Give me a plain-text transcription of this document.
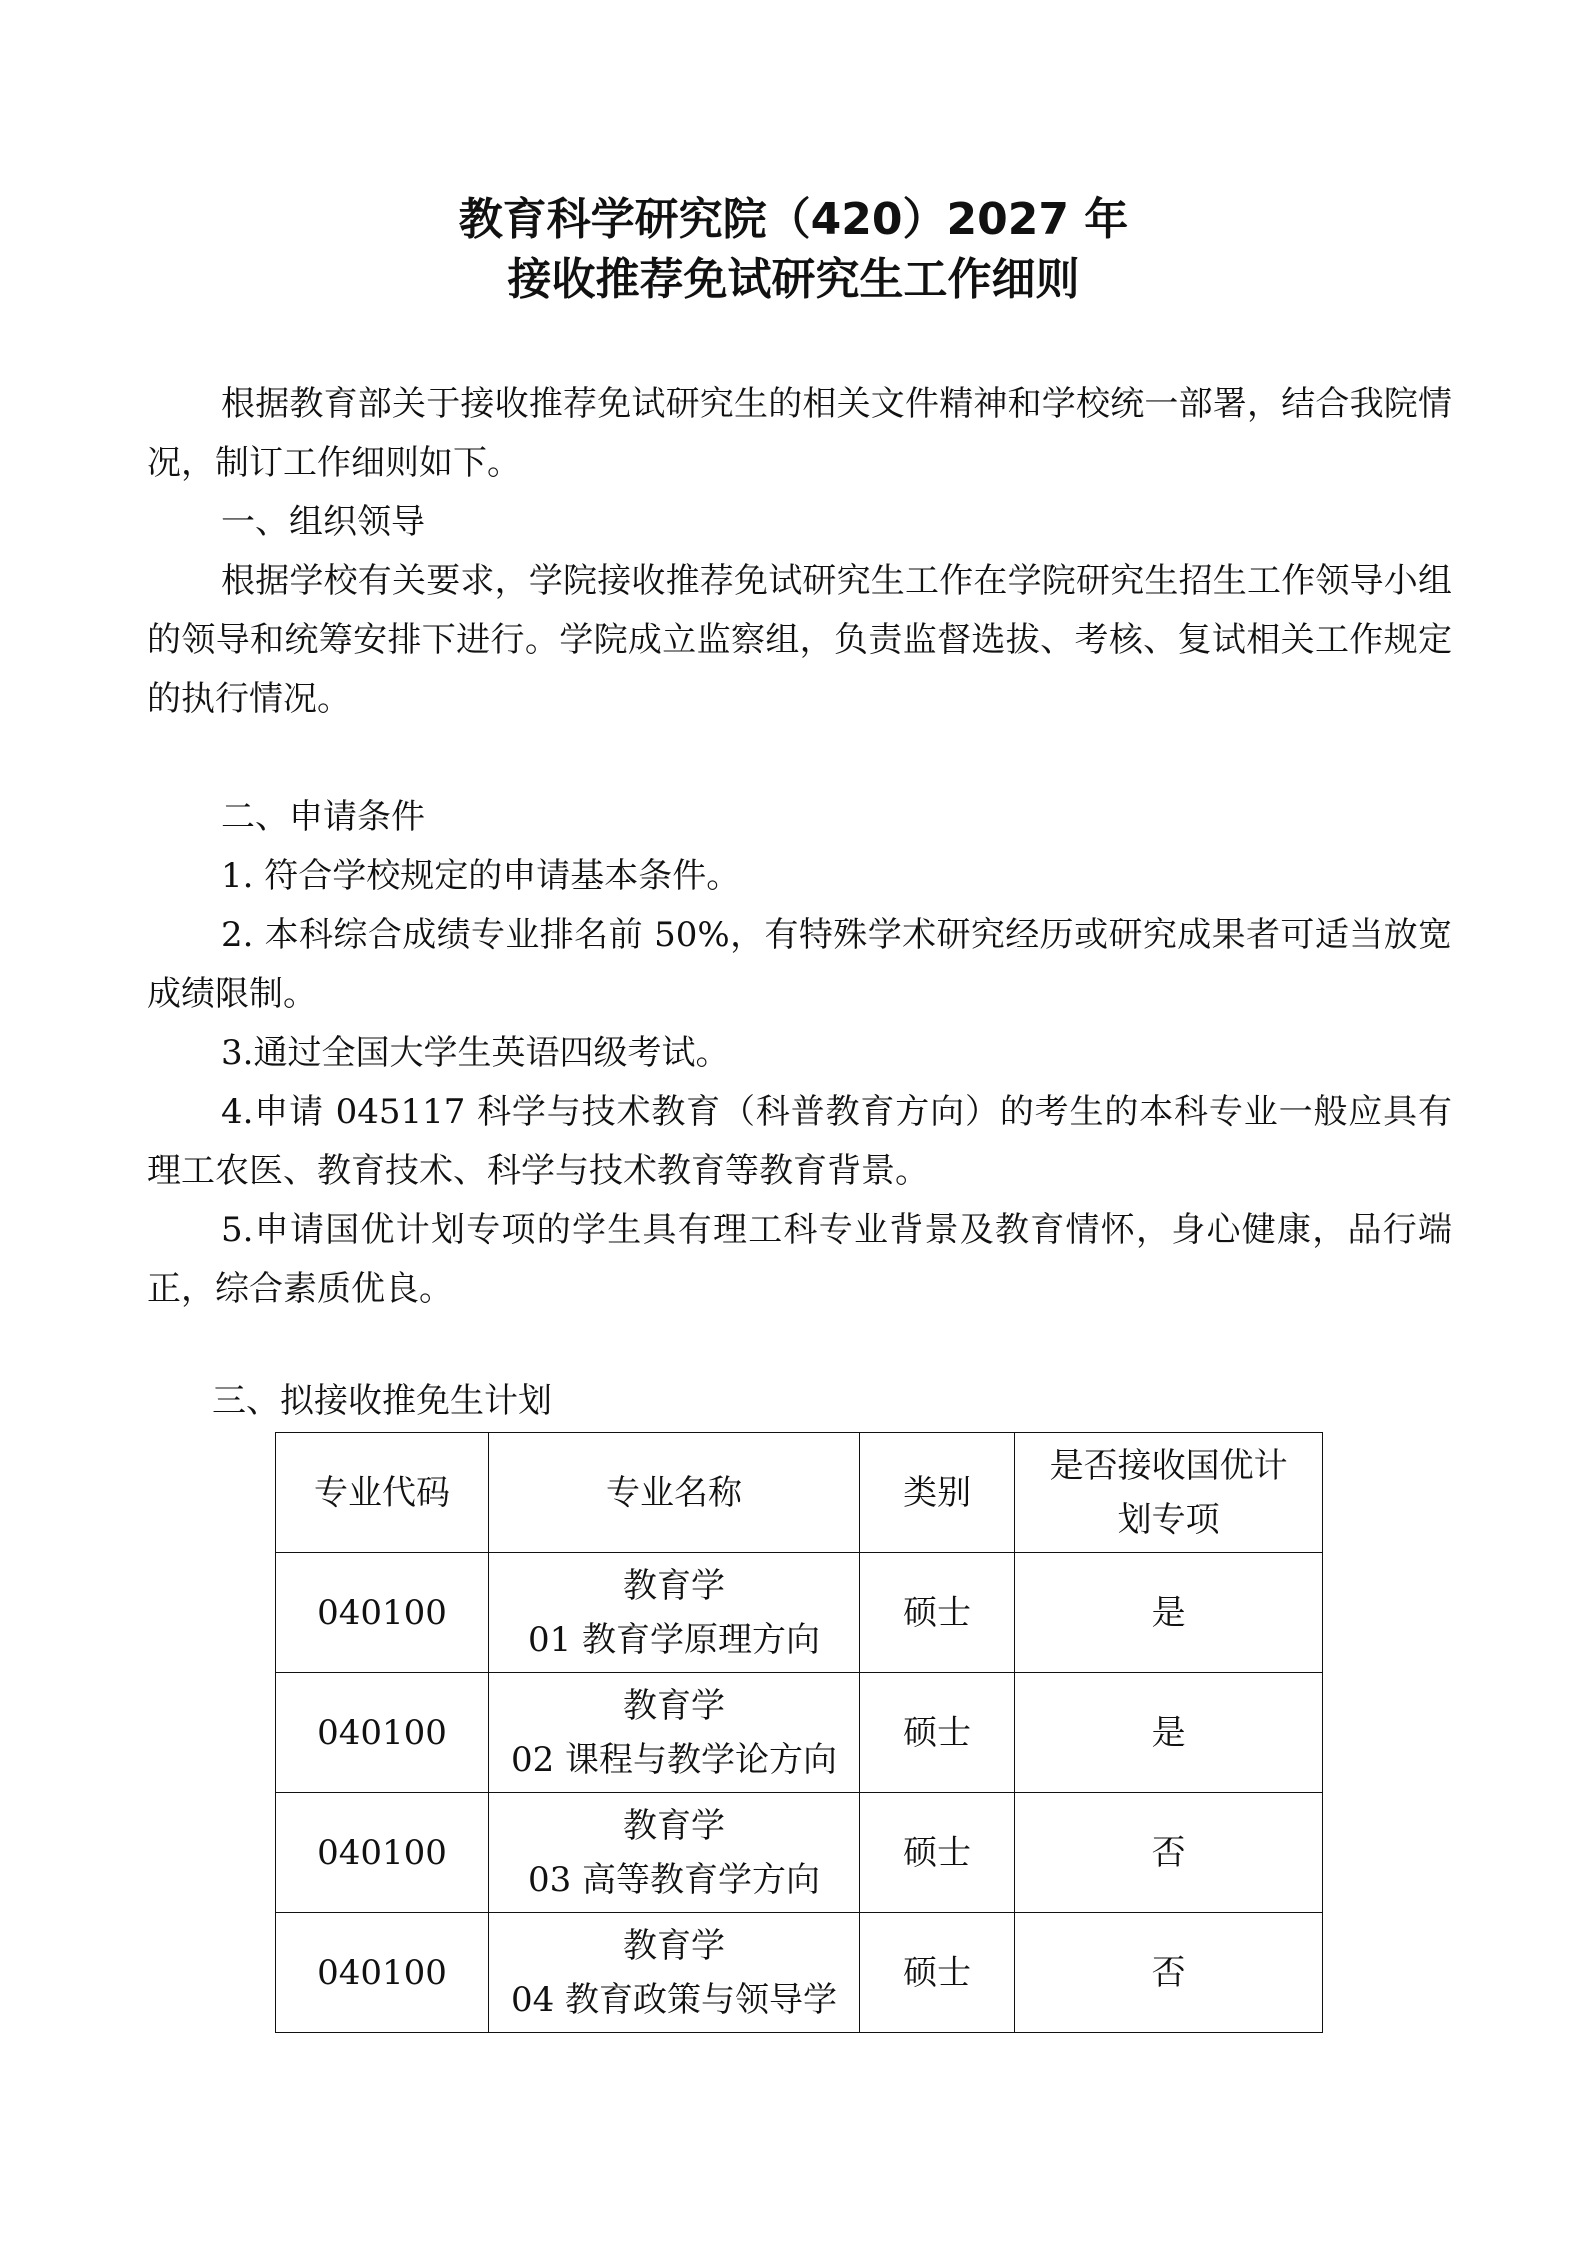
教育科学研究院（420）2027 年
接收推荐免试研究生工作细则

根据教育部关于接收推荐免试研究生的相关文件精神和学校统一部署，结合我院情况，制订工作细则如下。

一、组织领导

根据学校有关要求，学院接收推荐免试研究生工作在学院研究生招生工作领导小组的领导和统筹安排下进行。学院成立监察组，负责监督选拔、考核、复试相关工作规定的执行情况。

二、申请条件

1. 符合学校规定的申请基本条件。

2. 本科综合成绩专业排名前 50%，有特殊学术研究经历或研究成果者可适当放宽成绩限制。

3.通过全国大学生英语四级考试。

4.申请 045117 科学与技术教育（科普教育方向）的考生的本科专业一般应具有理工农医、教育技术、科学与技术教育等教育背景。

5.申请国优计划专项的学生具有理工科专业背景及教育情怀，身心健康，品行端正，综合素质优良。

三、拟接收推免生计划
专业代码	专业名称	类别	是否接收国优计
划专项

040100	教育学
01 教育学原理方向	硕士	是
040100	教育学
02 课程与教学论方向	硕士	是
040100	教育学
03 高等教育学方向	硕士	否
040100	教育学
04 教育政策与领导学	硕士	否
